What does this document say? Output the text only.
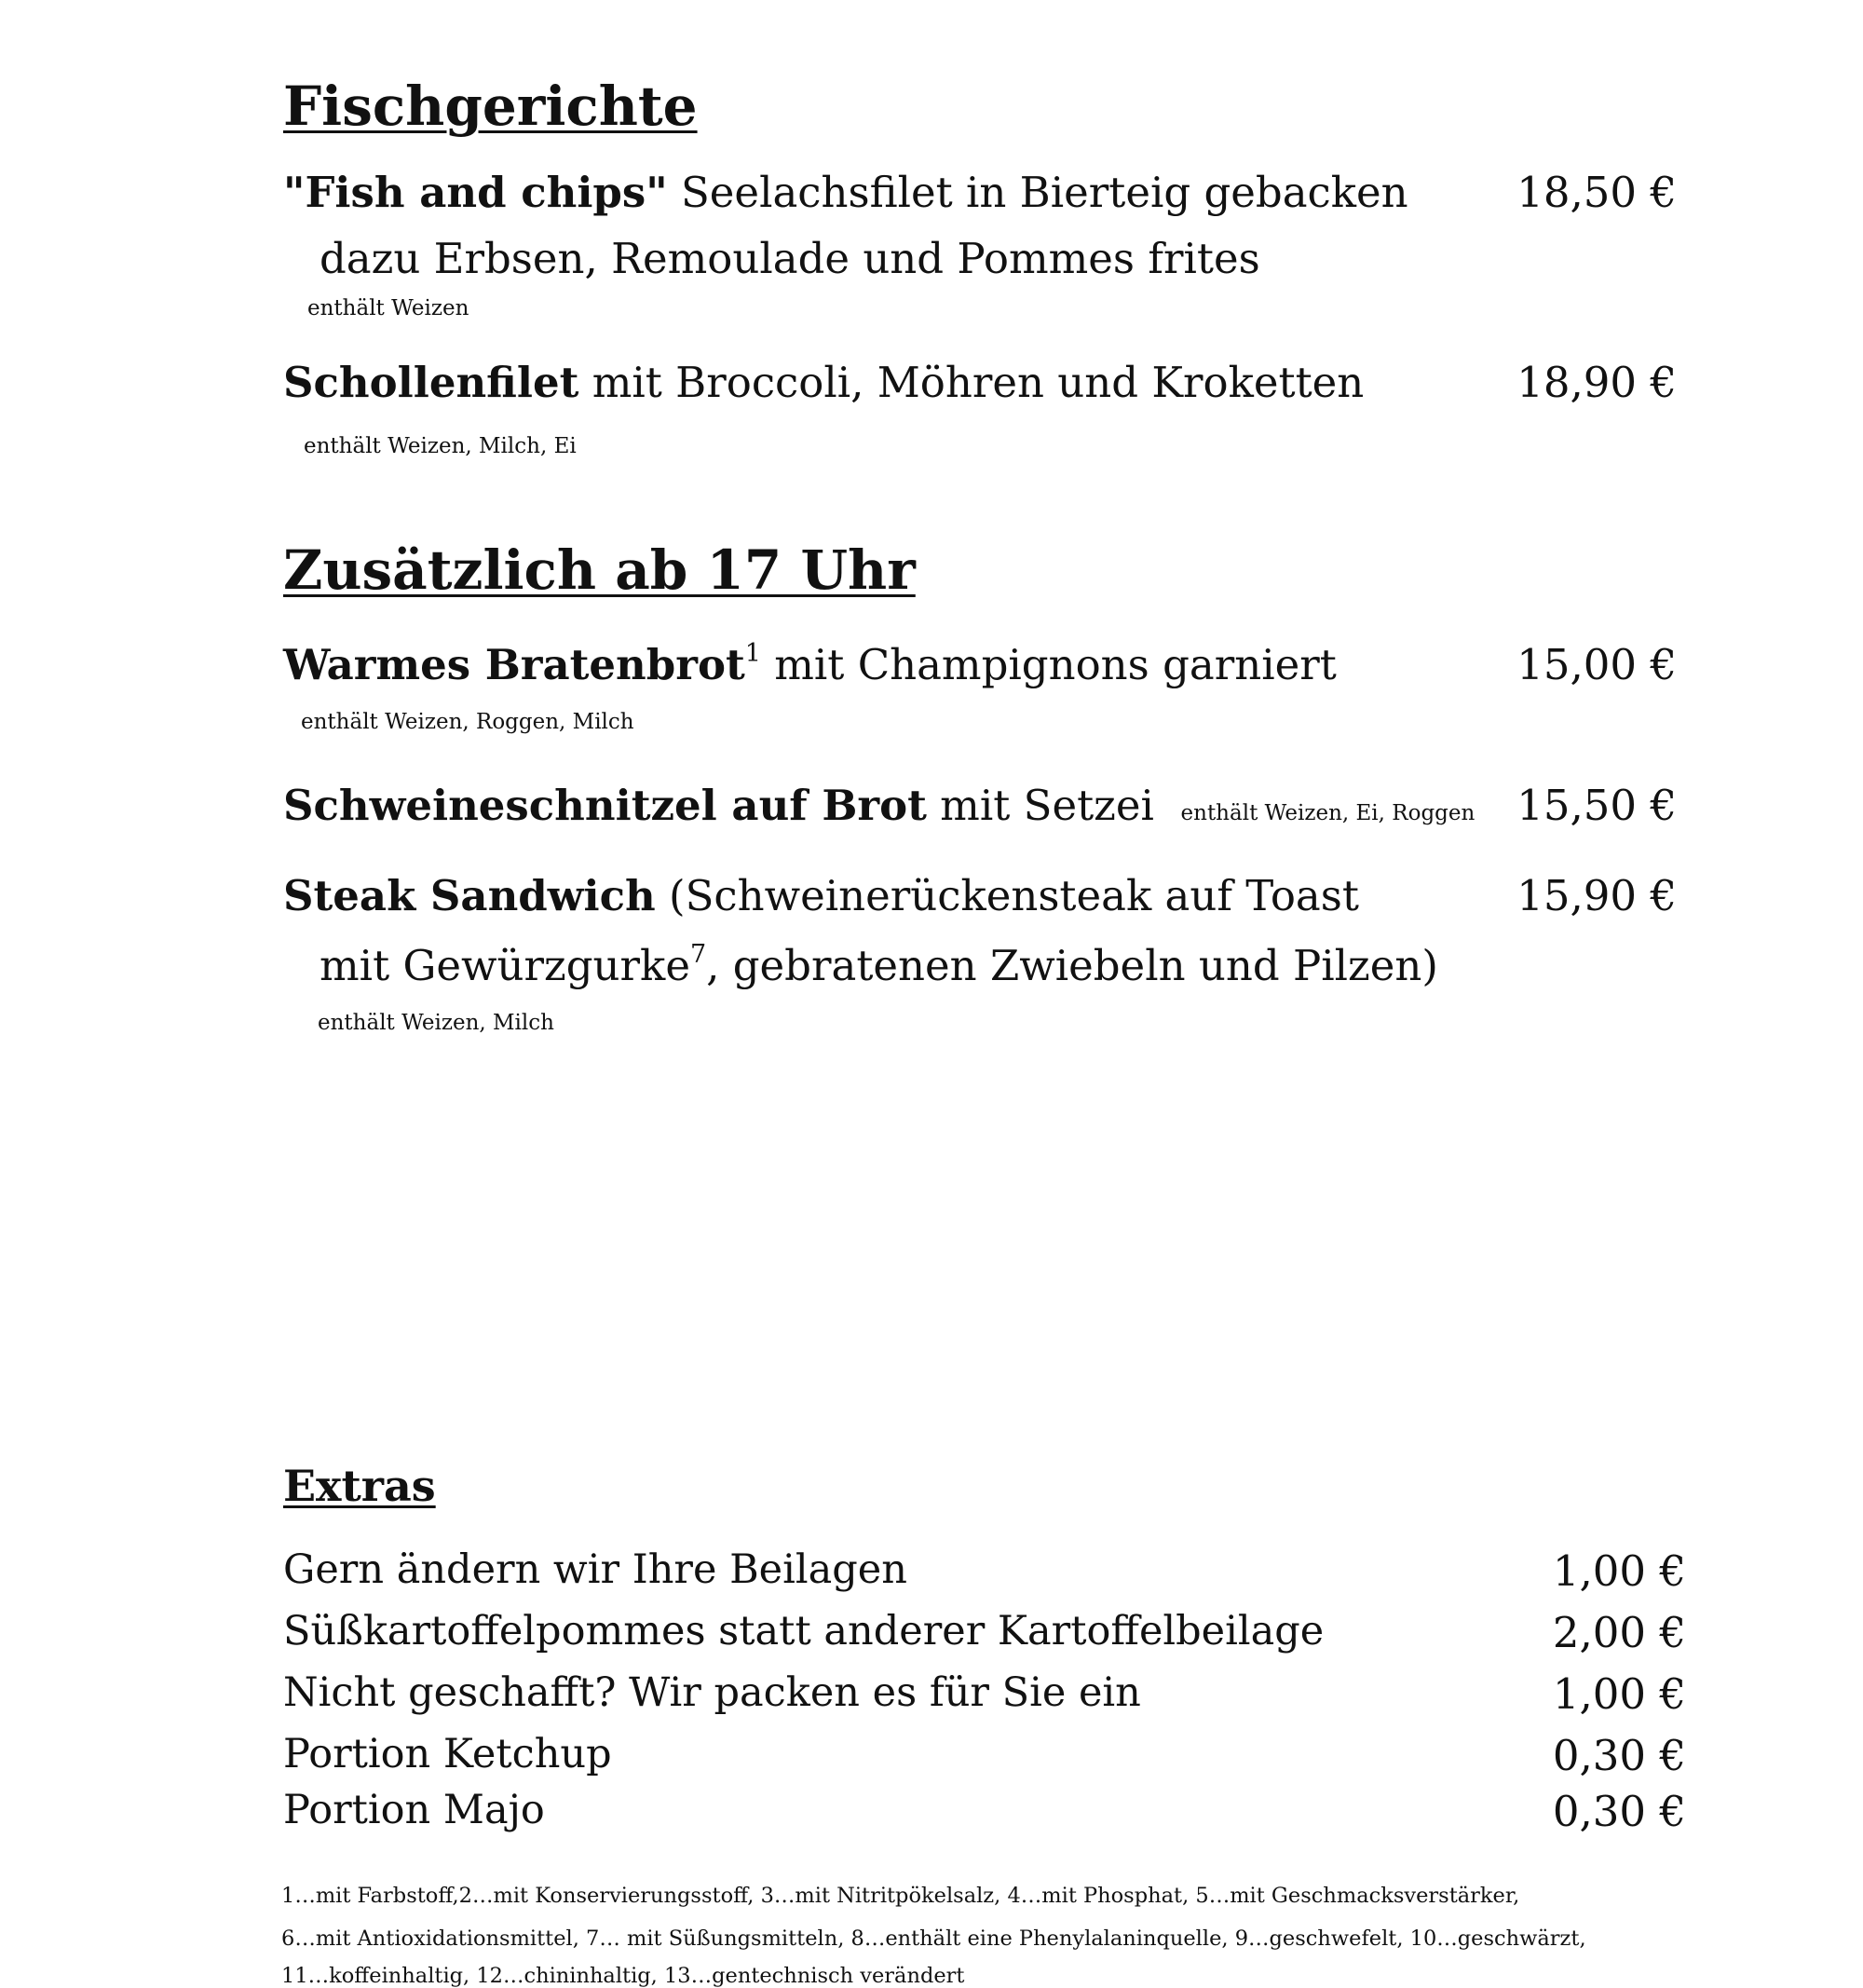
Fischgerichte
"Fish and chips" Seelachsfilet in Bierteig gebacken	18,50 €
dazu Erbsen, Remoulade und Pommes frites
enthält Weizen
Schollenfilet mit Broccoli, Möhren und Kroketten	18,90 €
enthält Weizen, Milch, Ei
Zusätzlich ab 17 Uhr
Warmes Bratenbrot$^1$ mit Champignons garniert	15,00 €
enthält Weizen, Roggen, Milch
Schweineschnitzel auf Brot mit Setzei enthält Weizen, Ei, Roggen 15,50 €
Steak Sandwich (Schweinerückensteak auf Toast	15,90 €
mit Gewürzgurke$^7$, gebratenen Zwiebeln und Pilzen)
enthält Weizen, Milch
Extras
Gern ändern wir Ihre Beilagen	1,00 €
Süßkartoffelpommes statt anderer Kartoffelbeilage	2,00 €
Nicht geschafft? Wir packen es für Sie ein	1,00 €
Portion Ketchup	0,30 €
Portion Majo	0,30 €
1…mit Farbstoff,2…mit Konservierungsstoff, 3…mit Nitritpökelsalz, 4…mit Phosphat, 5…mit Geschmacksverstärker,
6…mit Antioxidationsmittel, 7… mit Süßungsmitteln, 8…enthält eine Phenylalaninquelle, 9…geschwefelt, 10…geschwärzt,
11…koffeinhaltig, 12…chininhaltig, 13…gentechnisch verändert
